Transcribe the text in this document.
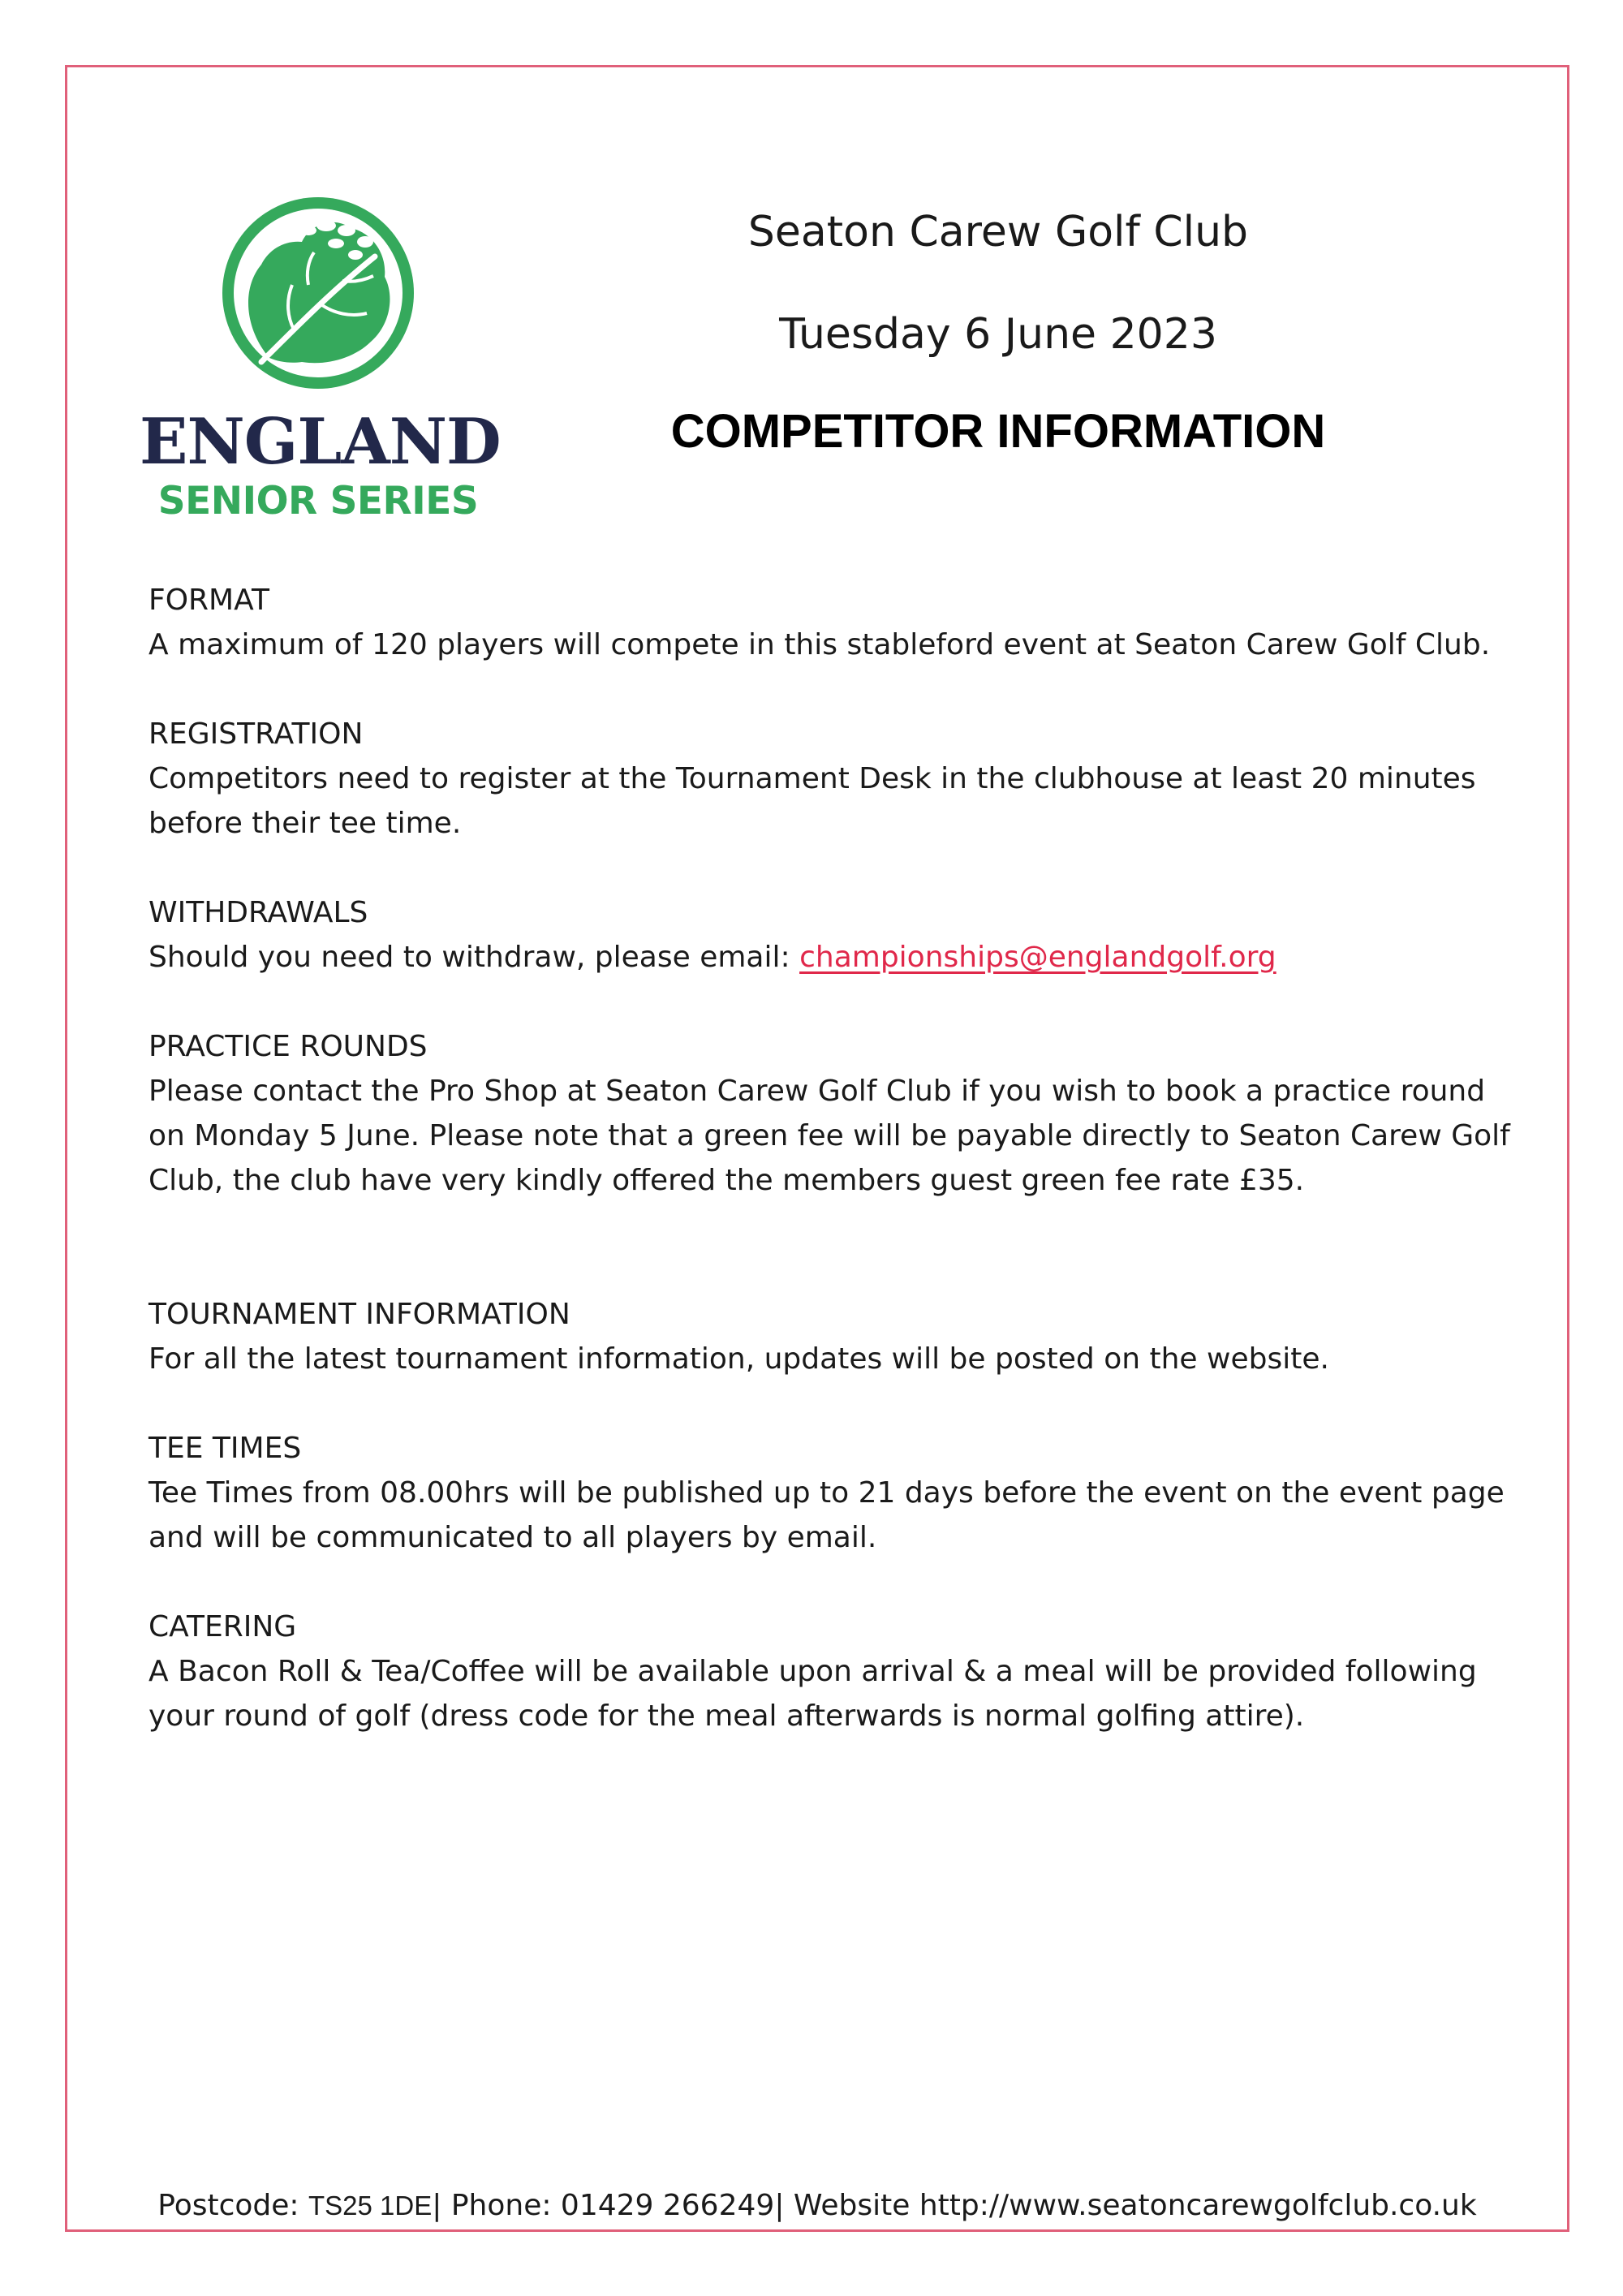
ENGLAND
SENIOR SERIES
Seaton Carew Golf Club
Tuesday 6 June 2023
COMPETITOR INFORMATION

FORMAT

A maximum of 120 players will compete in this stableford event at Seaton Carew Golf Club.

REGISTRATION

Competitors need to register at the Tournament Desk in the clubhouse at least 20 minutes before their tee time.

WITHDRAWALS

Should you need to withdraw, please email: championships@englandgolf.org

PRACTICE ROUNDS

Please contact the Pro Shop at Seaton Carew Golf Club if you wish to book a practice round on Monday 5 June. Please note that a green fee will be payable directly to Seaton Carew Golf Club, the club have very kindly offered the members guest green fee rate £35.

TOURNAMENT INFORMATION

For all the latest tournament information, updates will be posted on the website.

TEE TIMES

Tee Times from 08.00hrs will be published up to 21 days before the event on the event page and will be communicated to all players by email.

CATERING

A Bacon Roll & Tea/Coffee will be available upon arrival & a meal will be provided following your round of golf (dress code for the meal afterwards is normal golfing attire).

Postcode: TS25 1DE| Phone: 01429 266249| Website http://www.seatoncarewgolfclub.co.uk
